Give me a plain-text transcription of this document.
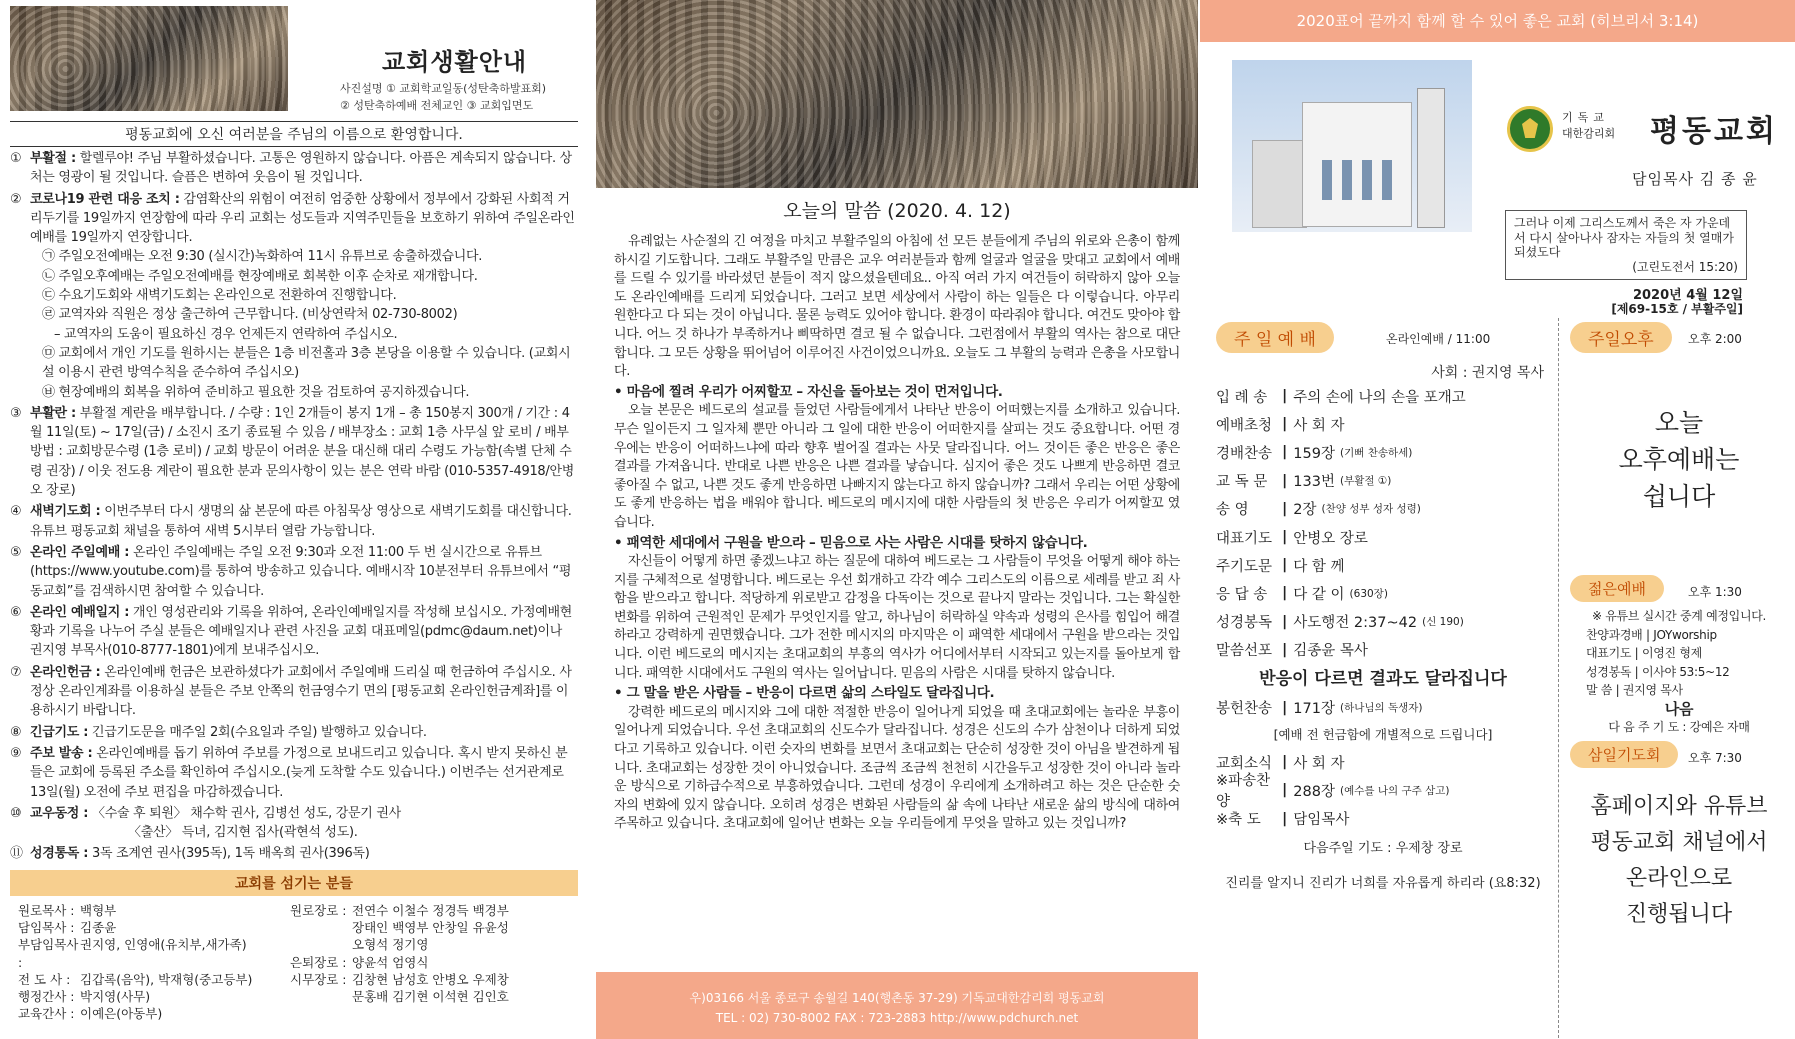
교회생활안내
사진설명 ① 교회학교일동(성탄축하발표회)
② 성탄축하예배 전체교인 ③ 교회입면도
평동교회에 오신 여러분을 주님의 이름으로 환영합니다.
① 부활절 : 할렐루야! 주님 부활하셨습니다. 고통은 영원하지 않습니다. 아픔은 계속되지 않습니다. 상처는 영광이 될 것입니다. 슬픔은 변하여 웃음이 될 것입니다.
② 코로나19 관련 대응 조치 : 감염확산의 위험이 여전히 엄중한 상황에서 정부에서 강화된 사회적 거리두기를 19일까지 연장함에 따라 우리 교회는 성도들과 지역주민들을 보호하기 위하여 주일온라인예배를 19일까지 연장합니다.
㉠ 주일오전예배는 오전 9:30 (실시간)녹화하여 11시 유튜브로 송출하겠습니다.
㉡ 주일오후예배는 주일오전예배를 현장예배로 회복한 이후 순차로 재개합니다.
㉢ 수요기도회와 새벽기도회는 온라인으로 전환하여 진행합니다.
㉣ 교역자와 직원은 정상 출근하여 근무합니다. (비상연락처 02-730-8002)
– 교역자의 도움이 필요하신 경우 언제든지 연락하여 주십시오.
㉤ 교회에서 개인 기도를 원하시는 분들은 1층 비전홀과 3층 본당을 이용할 수 있습니다. (교회시설 이용시 관련 방역수칙을 준수하여 주십시오)
㉥ 현장예배의 회복을 위하여 준비하고 필요한 것을 검토하여 공지하겠습니다.
③ 부활란 : 부활절 계란을 배부합니다. / 수량 : 1인 2개들이 봉지 1개 – 총 150봉지 300개 / 기간 : 4월 11일(토) ~ 17일(금) / 소진시 조기 종료될 수 있음 / 배부장소 : 교회 1층 사무실 앞 로비 / 배부방법 : 교회방문수령 (1층 로비) / 교회 방문이 어려운 분을 대신해 대리 수령도 가능함(속별 단체 수령 권장) / 이웃 전도용 계란이 필요한 분과 문의사항이 있는 분은 연락 바람 (010-5357-4918/안병오 장로)
④ 새벽기도회 : 이번주부터 다시 생명의 삶 본문에 따른 아침묵상 영상으로 새벽기도회를 대신합니다. 유튜브 평동교회 채널을 통하여 새벽 5시부터 열람 가능합니다.
⑤ 온라인 주일예배 : 온라인 주일예배는 주일 오전 9:30과 오전 11:00 두 번 실시간으로 유튜브(https://www.youtube.com)를 통하여 방송하고 있습니다. 예배시작 10분전부터 유튜브에서 “평동교회”를 검색하시면 참여할 수 있습니다.
⑥ 온라인 예배일지 : 개인 영성관리와 기록을 위하여, 온라인예배일지를 작성해 보십시오. 가정예배현황과 기록을 나누어 주실 분들은 예배일지나 관련 사진을 교회 대표메일(pdmc@daum.net)이나 권지영 부목사(010-8777-1801)에게 보내주십시오.
⑦ 온라인헌금 : 온라인예배 헌금은 보관하셨다가 교회에서 주일예배 드리실 때 헌금하여 주십시오. 사정상 온라인계좌를 이용하실 분들은 주보 안쪽의 헌금영수기 면의 [평동교회 온라인헌금계좌]를 이용하시기 바랍니다.
⑧ 긴급기도 : 긴급기도문을 매주일 2회(수요일과 주일) 발행하고 있습니다.
⑨ 주보 발송 : 온라인예배를 돕기 위하여 주보를 가정으로 보내드리고 있습니다. 혹시 받지 못하신 분들은 교회에 등록된 주소를 확인하여 주십시오.(늦게 도착할 수도 있습니다.) 이번주는 선거관계로 13일(월) 오전에 주보 편집을 마감하겠습니다.
⑩ 교우동정 : 〈수술 후 퇴원〉 채수학 권사, 김병선 성도, 강문기 권사
〈출산〉 득녀, 김지현 집사(곽현석 성도).
⑪ 성경통독 : 3독 조계연 권사(395독), 1독 배옥희 권사(396독)
교회를 섬기는 분들
원로목사 : 백형부
담임목사 : 김종윤
부담임목사 :
권지영, 인영애(유치부,새가족)
전 도 사 : 김갑록(음악), 박재형(중고등부)
행정간사 : 박지영(사무)
교육간사 : 이예은(아동부)
원로장로 : 전연수 이철수 정경득 백경부
장태인 백영부 안창일 유윤성
오형석 정기영
은퇴장로 : 양윤석 엄영식
시무장로 : 김창현 남성호 안병오 우제창
문홍배 김기현 이석현 김인호
오늘의 말씀 (2020. 4. 12)

유례없는 사순절의 긴 여정을 마치고 부활주일의 아침에 선 모든 분들에게 주님의 위로와 은총이 함께 하시길 기도합니다. 그래도 부활주일 만큼은 교우 여러분들과 함께 얼굴과 얼굴을 맞대고 교회에서 예배를 드릴 수 있기를 바라셨던 분들이 적지 않으셨을텐데요.. 아직 여러 가지 여건들이 허락하지 않아 오늘도 온라인예배를 드리게 되었습니다. 그러고 보면 세상에서 사람이 하는 일들은 다 이렇습니다. 아무리 원한다고 다 되는 것이 아닙니다. 물론 능력도 있어야 합니다. 환경이 따라줘야 합니다. 여건도 맞아야 합니다. 어느 것 하나가 부족하거나 삐딱하면 결코 될 수 없습니다. 그런점에서 부활의 역사는 참으로 대단합니다. 그 모든 상황을 뛰어넘어 이루어진 사건이었으니까요. 오늘도 그 부활의 능력과 은총을 사모합니다.

• 마음에 찔려 우리가 어찌할꼬 – 자신을 돌아보는 것이 먼저입니다.

오늘 본문은 베드로의 설교를 들었던 사람들에게서 나타난 반응이 어떠했는지를 소개하고 있습니다. 무슨 일이든지 그 일자체 뿐만 아니라 그 일에 대한 반응이 어떠한지를 살피는 것도 중요합니다. 어떤 경우에는 반응이 어떠하느냐에 따라 향후 벌어질 결과는 사뭇 달라집니다. 어느 것이든 좋은 반응은 좋은 결과를 가져옵니다. 반대로 나쁜 반응은 나쁜 결과를 낳습니다. 심지어 좋은 것도 나쁘게 반응하면 결코 좋아질 수 없고, 나쁜 것도 좋게 반응하면 나빠지지 않는다고 하지 않습니까? 그래서 우리는 어떤 상황에도 좋게 반응하는 법을 배워야 합니다. 베드로의 메시지에 대한 사람들의 첫 반응은 우리가 어찌할꼬 였습니다.

• 패역한 세대에서 구원을 받으라 – 믿음으로 사는 사람은 시대를 탓하지 않습니다.

자신들이 어떻게 하면 좋겠느냐고 하는 질문에 대하여 베드로는 그 사람들이 무엇을 어떻게 해야 하는지를 구체적으로 설명합니다. 베드로는 우선 회개하고 각각 예수 그리스도의 이름으로 세례를 받고 죄 사함을 받으라고 합니다. 적당하게 위로받고 감정을 다독이는 것으로 끝나지 말라는 것입니다. 그는 확실한 변화를 위하여 근원적인 문제가 무엇인지를 알고, 하나님이 허락하실 약속과 성령의 은사를 힘입어 해결하라고 강력하게 권면했습니다. 그가 전한 메시지의 마지막은 이 패역한 세대에서 구원을 받으라는 것입니다. 이런 베드로의 메시지는 초대교회의 부흥의 역사가 어디에서부터 시작되고 있는지를 돌아보게 합니다. 패역한 시대에서도 구원의 역사는 일어납니다. 믿음의 사람은 시대를 탓하지 않습니다.

• 그 말을 받은 사람들 – 반응이 다르면 삶의 스타일도 달라집니다.

강력한 베드로의 메시지와 그에 대한 적절한 반응이 일어나게 되었을 때 초대교회에는 놀라운 부흥이 일어나게 되었습니다. 우선 초대교회의 신도수가 달라집니다. 성경은 신도의 수가 삼천이나 더하게 되었다고 기록하고 있습니다. 이런 숫자의 변화를 보면서 초대교회는 단순히 성장한 것이 아님을 발견하게 됩니다. 초대교회는 성장한 것이 아니었습니다. 조금씩 조금씩 천천히 시간을두고 성장한 것이 아니라 놀라운 방식으로 기하급수적으로 부흥하였습니다. 그런데 성경이 우리에게 소개하려고 하는 것은 단순한 숫자의 변화에 있지 않습니다. 오히려 성경은 변화된 사람들의 삶 속에 나타난 새로운 삶의 방식에 대하여 주목하고 있습니다. 초대교회에 일어난 변화는 오늘 우리들에게 무엇을 말하고 있는 것입니까?

우)03166 서울 종로구 송월길 140(행촌동 37-29) 기독교대한감리회 평동교회
TEL : 02) 730-8002 FAX : 723-2883 http://www.pdchurch.net
2020표어 끝까지 함께 할 수 있어 좋은 교회 (히브리서 3:14)
기독교
대한감리회 평동교회
담임목사 김 종 윤
그러나 이제 그리스도께서 죽은 자 가운데서 다시 살아나사 잠자는 자들의 첫 열매가 되셨도다
(고린도전서 15:20)
2020년 4월 12일
[제69-15호 / 부활주일]
주 일 예 배	온라인예배 / 11:00
사회 : 권지영 목사
입 례 송	| 주의 손에 나의 손을 포개고
예배초청 | 사 회 자
경배찬송 | 159장 (기뻐 찬송하세)
교 독 문	| 133번 (부활절 ①)
송 영	| 2장 (찬양 성부 성자 성령)
대표기도 | 안병오 장로
주기도문 | 다 함 께
응 답 송	| 다 같 이 (630장)
성경봉독 | 사도행전 2:37~42 (신 190)
말씀선포 | 김종윤 목사
반응이 다르면 결과도 달라집니다
봉헌찬송 | 171장 (하나님의 독생자)
[예배 전 헌금함에 개별적으로 드립니다]
교회소식 | 사 회 자
※파송찬양
| 288장 (예수를 나의 구주 삼고)
※축 도	| 담임목사
다음주일 기도 : 우제창 장로
진리를 알지니 진리가 너희를 자유롭게 하리라 (요8:32)
주일오후	오후 2:00
오늘
오후예배는
쉽니다
젊은예배	오후 1:30
※ 유튜브 실시간 중계 예정입니다.
찬양과경배 | JOYworship
대표기도 | 이영진 형제
성경봉독 | 이사야 53:5~12
말 씀 | 권지영 목사
나음
다 음 주 기 도 : 강예은 자매
삼일기도회 오후 7:30
홈페이지와 유튜브
평동교회 채널에서
온라인으로
진행됩니다
